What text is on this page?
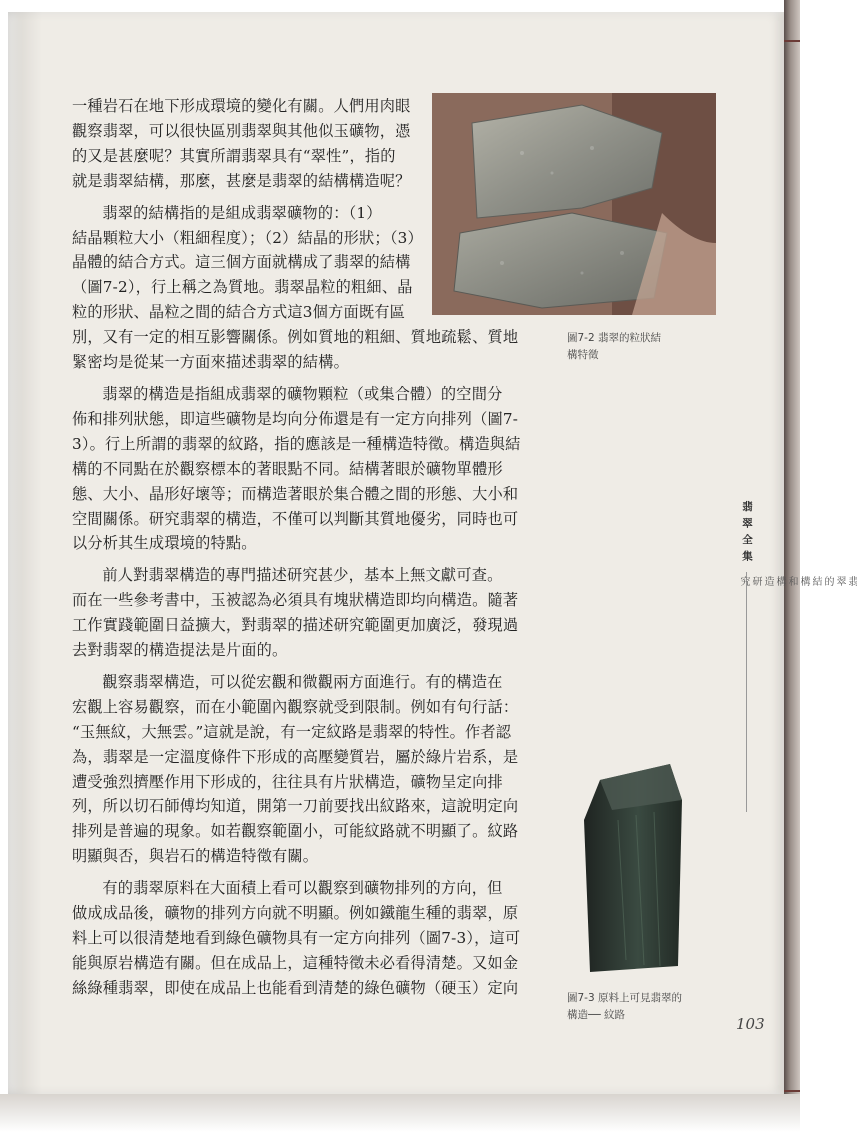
一種岩石在地下形成環境的變化有關。人們用肉眼
觀察翡翠，可以很快區別翡翠與其他似玉礦物，憑
的又是甚麼呢？其實所謂翡翠具有“翠性”，指的
就是翡翠結構，那麼，甚麼是翡翠的結構構造呢？

翡翠的結構指的是組成翡翠礦物的：（1）
結晶顆粒大小（粗細程度）；（2）結晶的形狀；（3）
晶體的結合方式。這三個方面就構成了翡翠的結構
（圖7-2），行上稱之為質地。翡翠晶粒的粗細、晶
粒的形狀、晶粒之間的結合方式這3個方面既有區
別，又有一定的相互影響關係。例如質地的粗細、質地疏鬆、質地
緊密均是從某一方面來描述翡翠的結構。

翡翠的構造是指組成翡翠的礦物顆粒（或集合體）的空間分
佈和排列狀態，即這些礦物是均向分佈還是有一定方向排列（圖7-
3）。行上所謂的翡翠的紋路，指的應該是一種構造特徵。構造與結
構的不同點在於觀察標本的著眼點不同。結構著眼於礦物單體形
態、大小、晶形好壞等；而構造著眼於集合體之間的形態、大小和
空間關係。研究翡翠的構造，不僅可以判斷其質地優劣，同時也可
以分析其生成環境的特點。

前人對翡翠構造的專門描述研究甚少，基本上無文獻可查。
而在一些參考書中，玉被認為必須具有塊狀構造即均向構造。隨著
工作實踐範圍日益擴大，對翡翠的描述研究範圍更加廣泛，發現過
去對翡翠的構造提法是片面的。

觀察翡翠構造，可以從宏觀和微觀兩方面進行。有的構造在
宏觀上容易觀察，而在小範圍內觀察就受到限制。例如有句行話：
“玉無紋，大無雲。”這就是說，有一定紋路是翡翠的特性。作者認
為，翡翠是一定溫度條件下形成的高壓變質岩，屬於綠片岩系，是
遭受強烈擠壓作用下形成的，往往具有片狀構造，礦物呈定向排
列，所以切石師傅均知道，開第一刀前要找出紋路來，這說明定向
排列是普遍的現象。如若觀察範圍小，可能紋路就不明顯了。紋路
明顯與否，與岩石的構造特徵有關。

有的翡翠原料在大面積上看可以觀察到礦物排列的方向，但
做成成品後，礦物的排列方向就不明顯。例如鐵龍生種的翡翠，原
料上可以很清楚地看到綠色礦物具有一定方向排列（圖7-3），這可
能與原岩構造有關。但在成品上，這種特徵未必看得清楚。又如金
絲綠種翡翠，即使在成品上也能看到清楚的綠色礦物（硬玉）定向

圖7-2 翡翠的粒狀結
構特徵
圖7-3 原料上可見翡翠的
構造── 紋路
翡翠全集
翡翠的結構和構造研究
103
